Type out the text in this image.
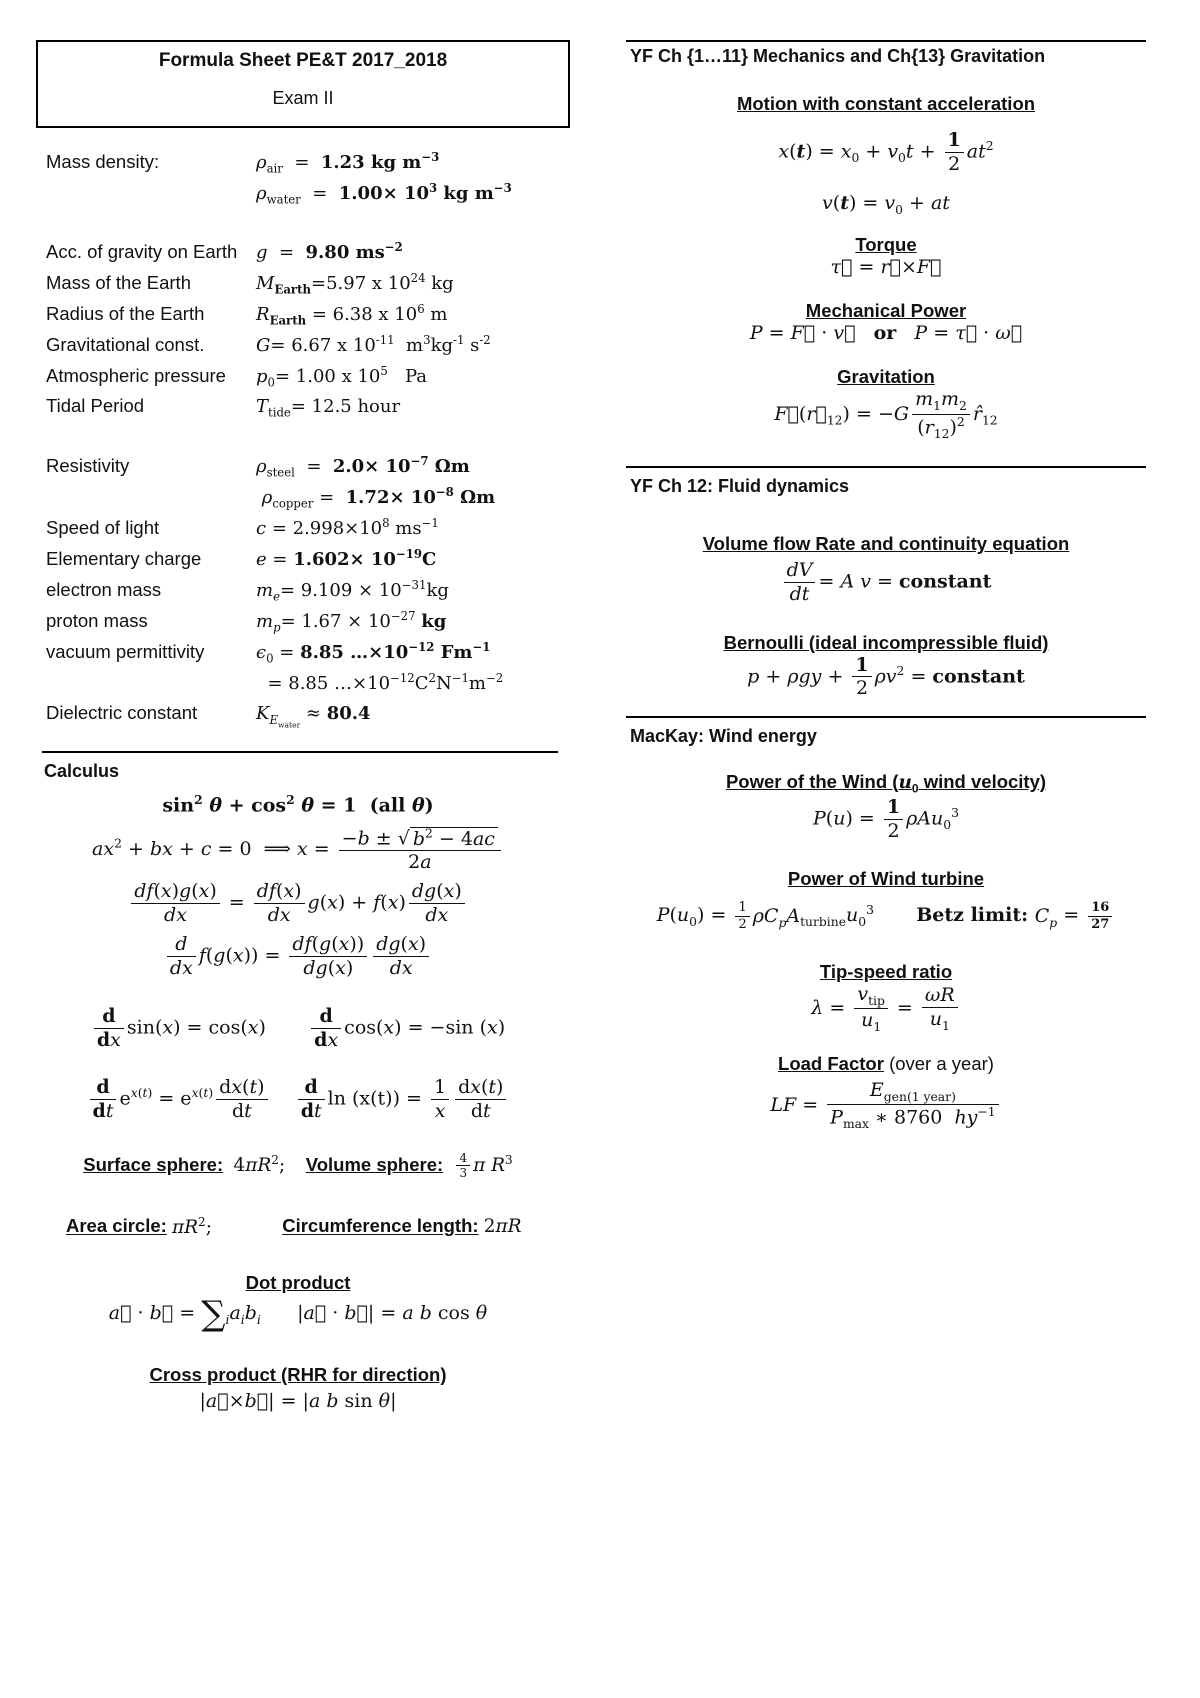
Formula Sheet PE&T 2017_2018
Exam II
Mass density:	$\rho_{air} = 1.23$ kg $m^{-3}$
$\rho_{water} = 1.00\times 10^3$ kg $m^{-3}$
Acc. of gravity on Earth	g  =  9.80 $ms^{-2}$
Mass of the Earth	$M_{Earth}=5.97$ x $10^{24}$ kg
Radius of the Earth	$R_{Earth} = 6.38$ x $10^6$ m
Gravitational const.	G= 6.67 x $10^{-11}$  $m^3kg^{-1}$ $s^{-2}$
Atmospheric pressure	$p_0= 1.00$ x $10^5$   Pa
Tidal Period	$T_{tide}= 12.5$ hour
Resistivity	$\rho_{steel} = 2.0\times 10^{-7}$ Ωm
$\rho_{copper} = 1.72\times 10^{-8}$ Ωm
Speed of light	$c = 2.998\times 10^8$ $ms^{-1}$
Elementary charge	$e = 1.602\times 10^{-19}C$
electron mass	$m_e= 9.109 \times 10^{-31}kg$
proton mass	$m_p= 1.67 \times 10^{-27}$ kg
vacuum permittivity	$\epsilon_0 = 8.85$ $\dots\times 10^{-12}$ $Fm^{-1}$
= 8.85 $\dots\times 10^{-12}C^2N^{-1}m^{-2}$
Dielectric constant	$K_{E_{water}} \approx 80.4$
Calculus
$\sin^2 \theta + \cos^2 \theta = 1$  (all θ)
$ax^2$ + bx + c = 0  ⟹ $x = \frac{-b \pm √ b^2 - 4ac}{2a}$
$\frac{df(x)g(x)}{dx} = \frac{df(x)}{dx} g(x) + f(x) \frac{dg(x)}{dx}$
$\frac{d}{dx} f(g(x)) = \frac{df(g(x))}{dg(x)} \frac{dg(x)}{dx}$
$\frac{d}{dx} \sin(x) = \cos(x) \frac{d}{dx} \cos(x) = -\sin$ (x)
$\frac{d}{dt} e^{x(t)} = e^{x(t)} \frac{dx(t)}{dt}$
$\frac{d}{dt}$ $\ln (x(t)) = \frac{1}{x} \frac{dx(t)}{dt}$
Surface sphere: $4\pi R^2$; Volume sphere: $\frac{4}{3}$ π $R^3$
Area circle: $\pi R^2$;	Circumference length: 2πR
Dot product
a⃗ · b⃗ = $\sum_ia_ib_i$      |a⃗ · b⃗| = a b cos θ
Cross product (RHR for direction)
|a⃗×b⃗| = |a b sin θ|
YF Ch {1…11} Mechanics and Ch{13} Gravitation
Motion with constant acceleration
$x(t) = x_0 + v_0t + \frac{1}{2} at^2$
$v(t) = v_0$ + at
Torque
τ⃗ = r⃗×F⃗
Mechanical Power
P = F⃗ · v⃗ or P = τ⃗ · ω⃗
Gravitation
$F⃗(r⃗_{12}) = -G \frac{m_1m_2}{(r_{12})^2}$ $r̂_{12}$
YF Ch 12: Fluid dynamics
Volume flow Rate and continuity equation
$\frac{dV}{dt} = A$ v = constant
Bernoulli (ideal incompressible fluid)
$p + \rho gy + \frac{1}{2} \rho v^2$ = constant
MacKay: Wind energy
Power of the Wind ($u_0$ wind velocity)
$P(u) = \frac{1}{2} \rho Au_0^3$
Power of Wind turbine
$P(u_0) = \frac{1}{2} \rho C_pA_{turbine}u_0^3$ Betz limit: $C_p = \frac{16}{27}$
Tip-speed ratio
$\lambda = \frac{v_{tip}}{u_1} = \frac{\omega R}{u_1}$
Load Factor (over a year)
LF = $\frac{E_{gen(1 year)}}{P_{max} ∗ 8760 hy^{-1}}$
